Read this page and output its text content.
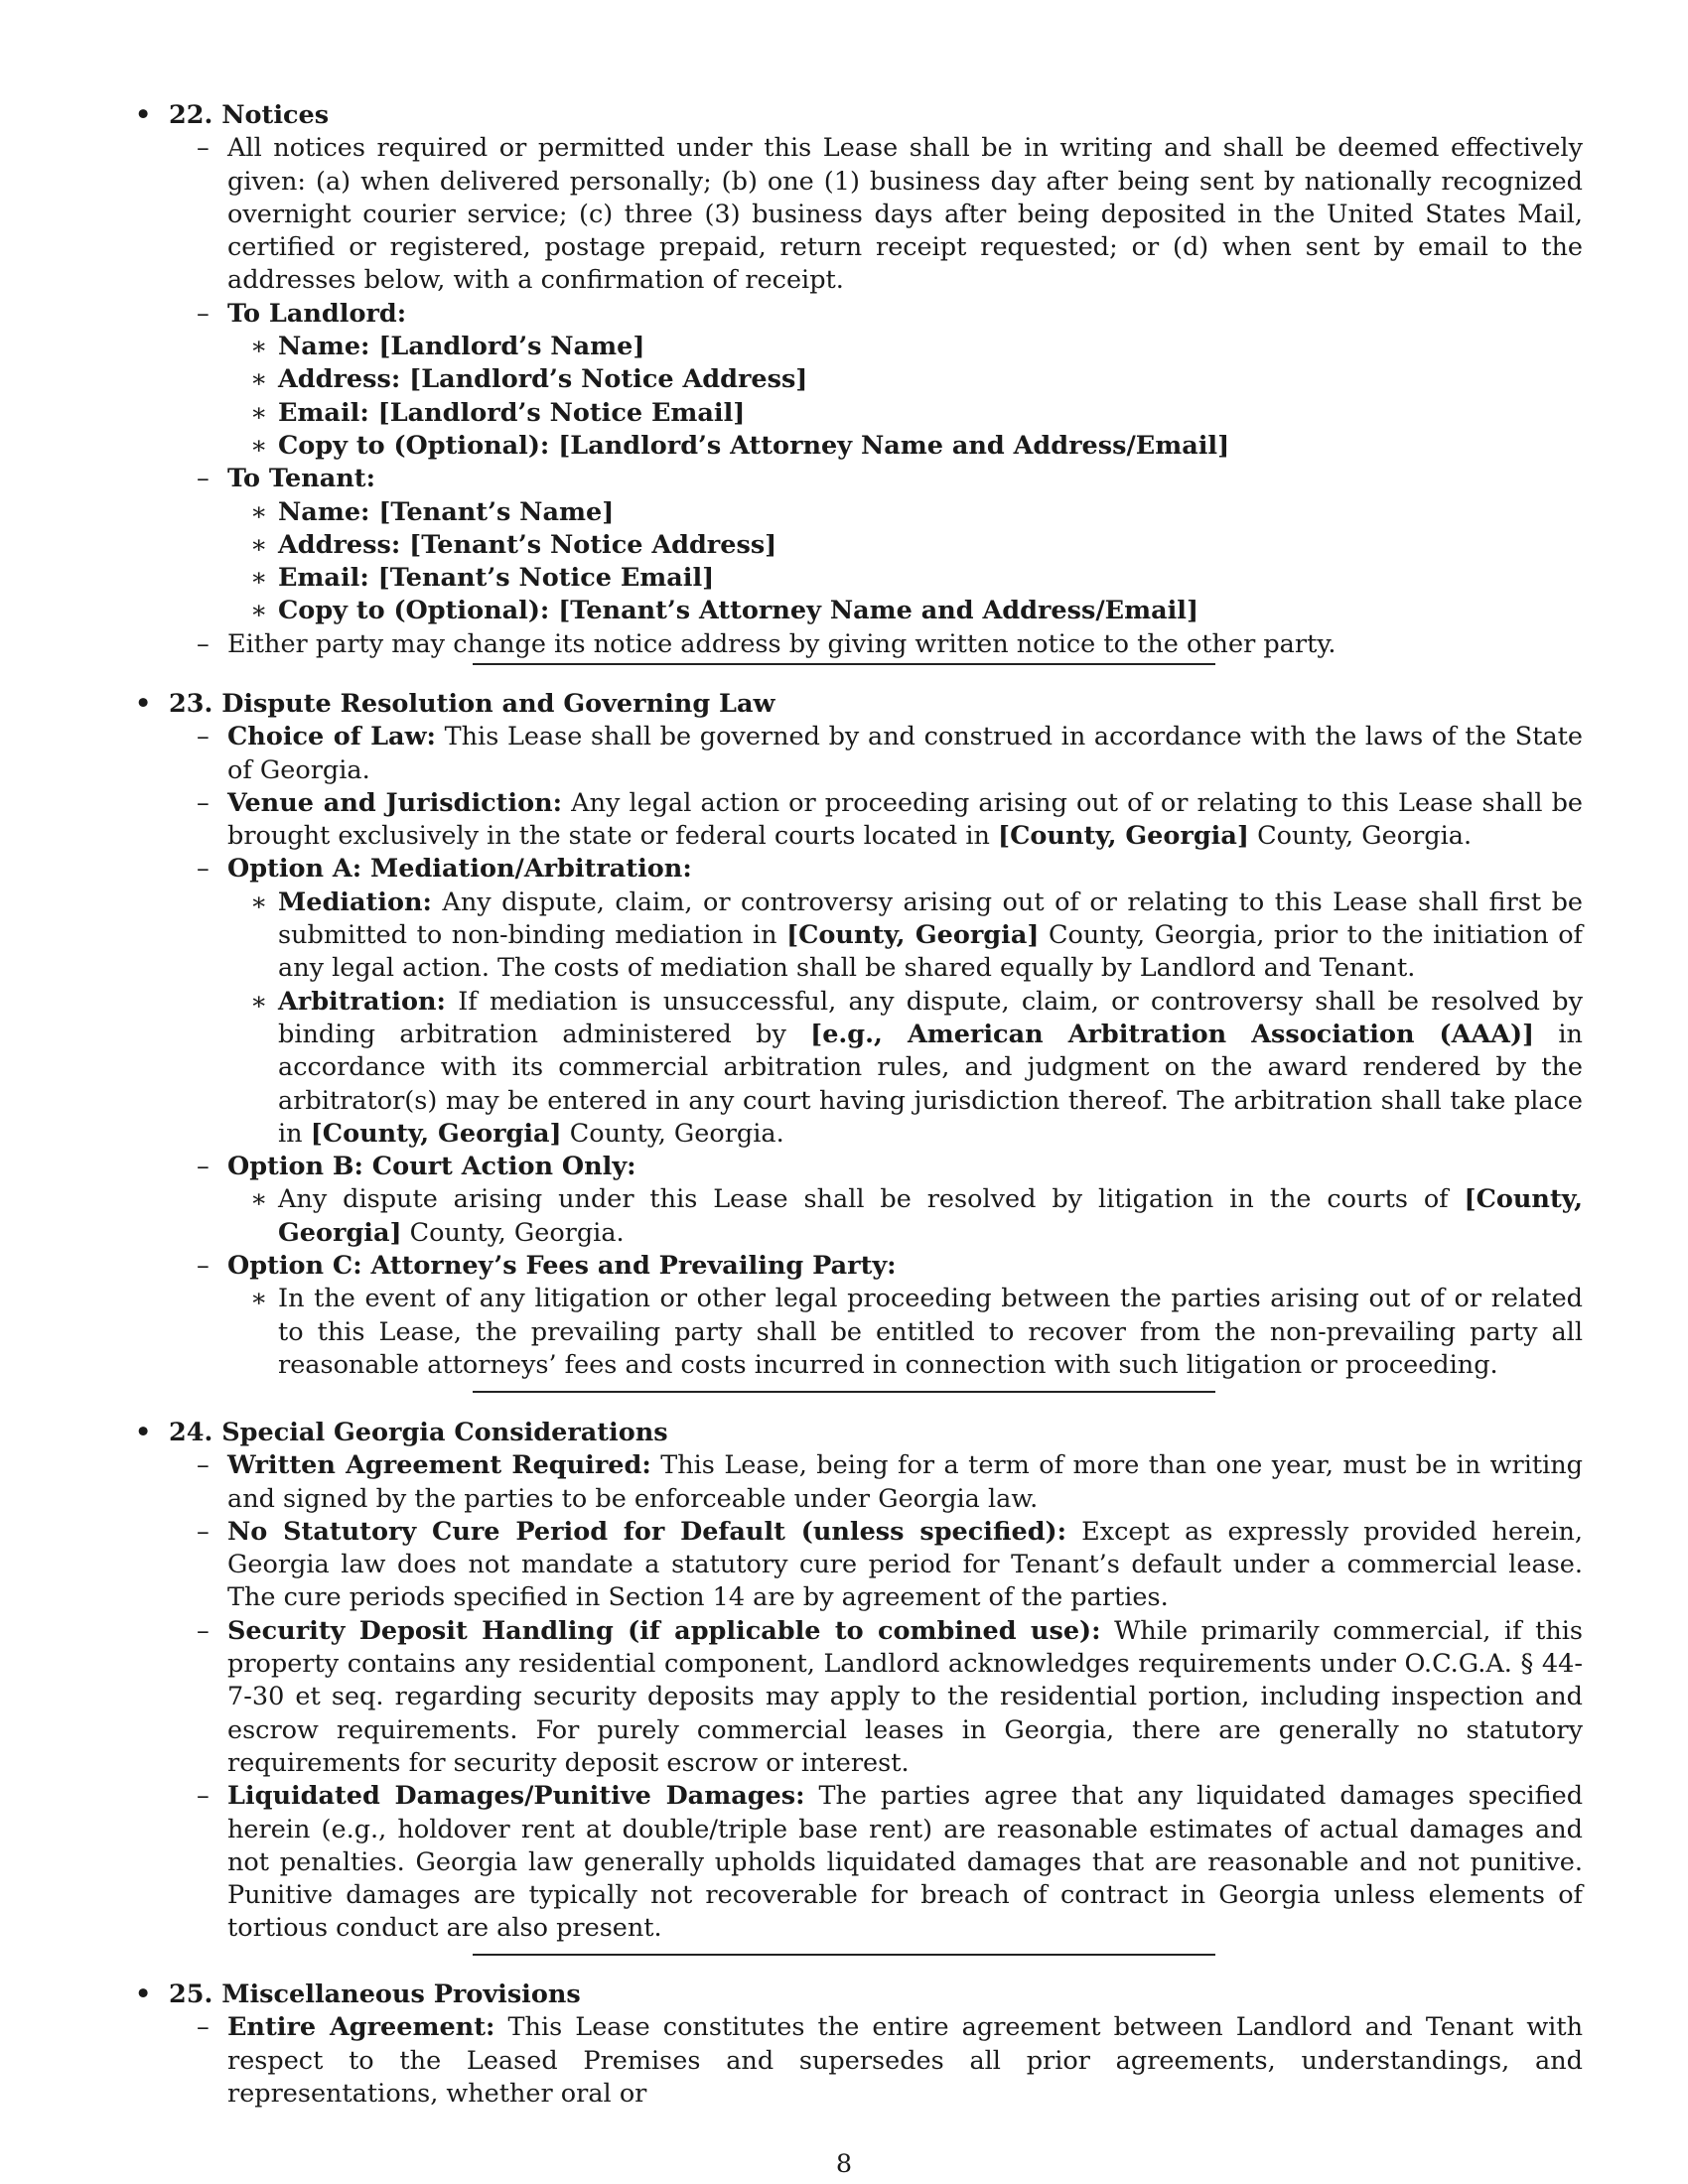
• 22. Notices
– All notices required or permitted under this Lease shall be in writing and shall be deemed effectively given: (a) when delivered personally; (b) one (1) business day after being sent by nationally recognized overnight courier service; (c) three (3) business days after being deposited in the United States Mail, certified or registered, postage prepaid, return receipt requested; or (d) when sent by email to the addresses below, with a confirmation of receipt.
– To Landlord:
∗ Name: [Landlord’s Name]
∗ Address: [Landlord’s Notice Address]
∗ Email: [Landlord’s Notice Email]
∗ Copy to (Optional): [Landlord’s Attorney Name and Address/Email]
– To Tenant:
∗ Name: [Tenant’s Name]
∗ Address: [Tenant’s Notice Address]
∗ Email: [Tenant’s Notice Email]
∗ Copy to (Optional): [Tenant’s Attorney Name and Address/Email]
– Either party may change its notice address by giving written notice to the other party.
• 23. Dispute Resolution and Governing Law
– Choice of Law: This Lease shall be governed by and construed in accordance with the laws of the State of Georgia.
– Venue and Jurisdiction: Any legal action or proceeding arising out of or relating to this Lease shall be brought exclusively in the state or federal courts located in [County, Georgia] County, Georgia.
– Option A: Mediation/Arbitration:
∗ Mediation: Any dispute, claim, or controversy arising out of or relating to this Lease shall first be submitted to non-binding mediation in [County, Georgia] County, Georgia, prior to the initiation of any legal action. The costs of mediation shall be shared equally by Landlord and Tenant.
∗ Arbitration: If mediation is unsuccessful, any dispute, claim, or controversy shall be resolved by binding arbitration administered by [e.g., American Arbitration Association (AAA)] in accordance with its commercial arbitration rules, and judgment on the award rendered by the arbitrator(s) may be entered in any court having jurisdiction thereof. The arbitration shall take place in [County, Georgia] County, Georgia.
– Option B: Court Action Only:
∗ Any dispute arising under this Lease shall be resolved by litigation in the courts of [County, Georgia] County, Georgia.
– Option C: Attorney’s Fees and Prevailing Party:
∗ In the event of any litigation or other legal proceeding between the parties arising out of or related to this Lease, the prevailing party shall be entitled to recover from the non-prevailing party all reasonable attorneys’ fees and costs incurred in connection with such litigation or proceeding.
• 24. Special Georgia Considerations
– Written Agreement Required: This Lease, being for a term of more than one year, must be in writing and signed by the parties to be enforceable under Georgia law.
– No Statutory Cure Period for Default (unless specified): Except as expressly provided herein, Georgia law does not mandate a statutory cure period for Tenant’s default under a commercial lease. The cure periods specified in Section 14 are by agreement of the parties.
– Security Deposit Handling (if applicable to combined use): While primarily commercial, if this property contains any residential component, Landlord acknowledges requirements under O.C.G.A. § 44-7-30 et seq. regarding security deposits may apply to the residential portion, including inspection and escrow requirements. For purely commercial leases in Georgia, there are generally no statutory requirements for security deposit escrow or interest.
– Liquidated Damages/Punitive Damages: The parties agree that any liquidated damages specified herein (e.g., holdover rent at double/triple base rent) are reasonable estimates of actual damages and not penalties. Georgia law generally upholds liquidated damages that are reasonable and not punitive. Punitive damages are typically not recoverable for breach of contract in Georgia unless elements of tortious conduct are also present.
• 25. Miscellaneous Provisions
– Entire Agreement: This Lease constitutes the entire agreement between Landlord and Tenant with respect to the Leased Premises and supersedes all prior agreements, understandings, and representations, whether oral or
8
